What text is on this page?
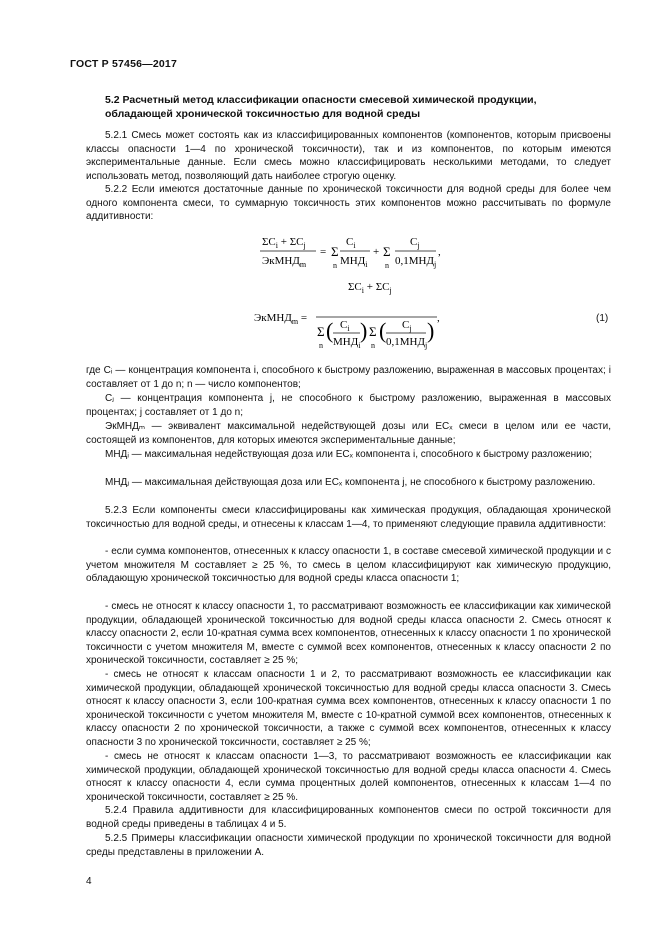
ГОСТ Р 57456—2017
5.2 Расчетный метод классификации опасности смесевой химической продукции, обладающей хронической токсичностью для водной среды
5.2.1 Смесь может состоять как из классифицированных компонентов (компонентов, которым присвоены классы опасности 1—4 по хронической токсичности), так и из компонентов, по которым имеются экспериментальные данные. Если смесь можно классифицировать несколькими методами, то следует использовать метод, позволяющий дать наиболее строгую оценку.
5.2.2 Если имеются достаточные данные по хронической токсичности для водной среды для более чем одного компонента смеси, то суммарную токсичность этих компонентов можно рассчитывать по формуле аддитивности:
$\Sigma C_i + \Sigma C_j$
ЭкМНД$_m$
= Σ
n
$C_i$
$МНД_i$
+ Σ
n
$C_j$
$0,1МНД_j$
,
ЭкМНД$_m$ =
$\Sigma C_i + \Sigma C_j$
Σ
n
( $C_i$
$МНД_i$
) Σ
n
( $C_j$
$0,1МНД_j$
) ,	(1)
где Cᵢ — концентрация компонента i, способного к быстрому разложению, выраженная в массовых процентах; i составляет от 1 до n; n — число компонентов;
Cⱼ — концентрация компонента j, не способного к быстрому разложению, выраженная в массовых процентах; j составляет от 1 до n;
ЭкМНДₘ — эквивалент максимальной недействующей дозы или ECₓ смеси в целом или ее части, состоящей из компонентов, для которых имеются экспериментальные данные;
МНДᵢ — максимальная недействующая доза или ECₓ компонента i, способного к быстрому разложению;
МНДⱼ — максимальная действующая доза или ECₓ компонента j, не способного к быстрому разложению.
5.2.3 Если компоненты смеси классифицированы как химическая продукция, обладающая хронической токсичностью для водной среды, и отнесены к классам 1—4, то применяют следующие правила аддитивности:
- если сумма компонентов, отнесенных к классу опасности 1, в составе смесевой химической продукции и с учетом множителя M составляет ≥ 25 %, то смесь в целом классифицируют как химическую продукцию, обладающую хронической токсичностью для водной среды класса опасности 1;
- смесь не относят к классу опасности 1, то рассматривают возможность ее классификации как химической продукции, обладающей хронической токсичностью для водной среды класса опасности 2. Смесь относят к классу опасности 2, если 10-кратная сумма всех компонентов, отнесенных к классу опасности 1 по хронической токсичности с учетом множителя M, вместе с суммой всех компонентов, отнесенных к классу опасности 2 по хронической токсичности, составляет ≥ 25 %;
- смесь не относят к классам опасности 1 и 2, то рассматривают возможность ее классификации как химической продукции, обладающей хронической токсичностью для водной среды класса опасности 3. Смесь относят к классу опасности 3, если 100-кратная сумма всех компонентов, отнесенных к классу опасности 1 по хронической токсичности с учетом множителя M, вместе с 10-кратной суммой всех компонентов, отнесенных к классу опасности 2 по хронической токсичности, а также с суммой всех компонентов, отнесенных к классу опасности 3 по хронической токсичности, составляет ≥ 25 %;
- смесь не относят к классам опасности 1—3, то рассматривают возможность ее классификации как химической продукции, обладающей хронической токсичностью для водной среды класса опасности 4. Смесь относят к классу опасности 4, если сумма процентных долей компонентов, отнесенных к классам 1—4 по хронической токсичности, составляет ≥ 25 %.
5.2.4 Правила аддитивности для классифицированных компонентов смеси по острой токсичности для водной среды приведены в таблицах 4 и 5.
5.2.5 Примеры классификации опасности химической продукции по хронической токсичности для водной среды представлены в приложении А.
4
